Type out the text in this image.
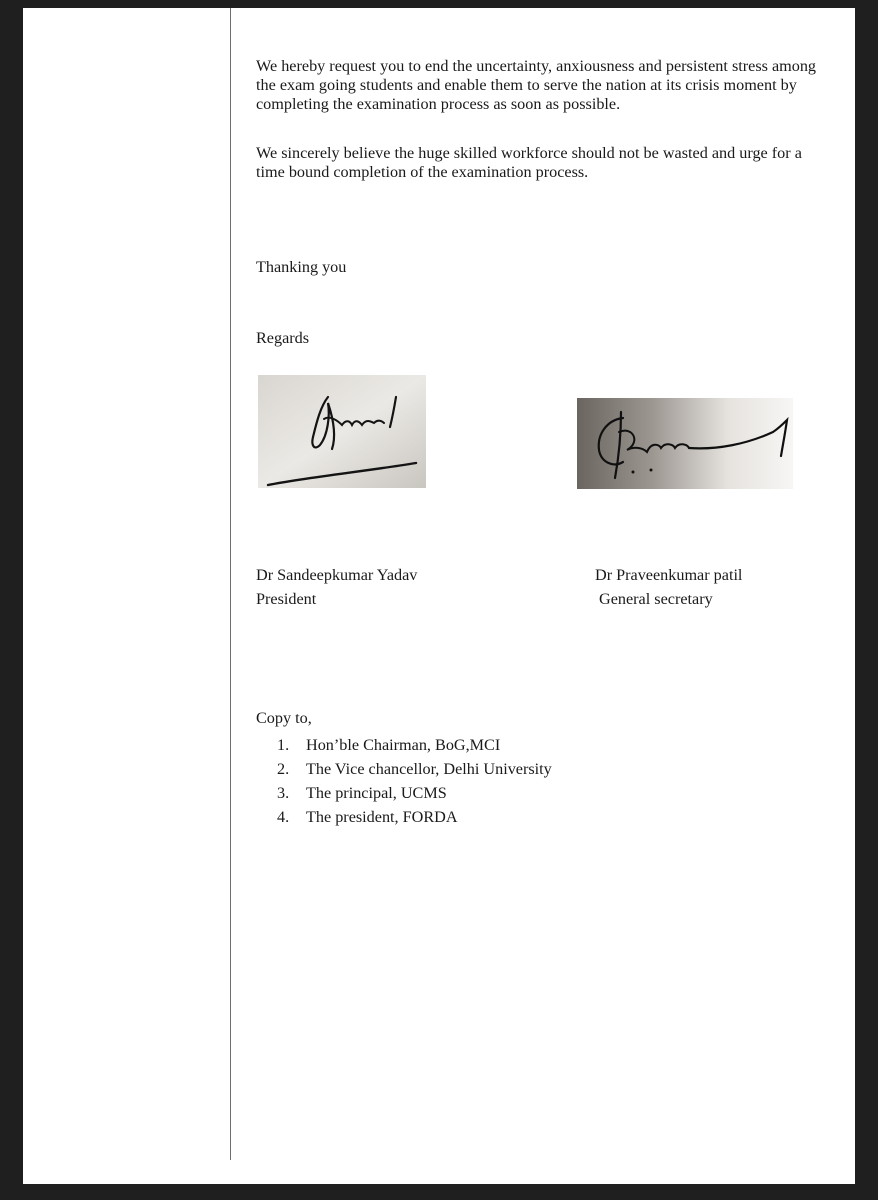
We hereby request you to end the uncertainty, anxiousness and persistent stress among the exam going students and enable them to serve the nation at its crisis moment by completing the examination process as soon as possible.

We sincerely believe the huge skilled workforce should not be wasted and urge for a time bound completion of the examination process.

Thanking you

Regards

Dr Sandeepkumar Yadav
President
Dr Praveenkumar patil
General secretary

Copy to,

1. Hon’ble Chairman, BoG,MCI
2. The Vice chancellor, Delhi University
3. The principal, UCMS
4. The president, FORDA
